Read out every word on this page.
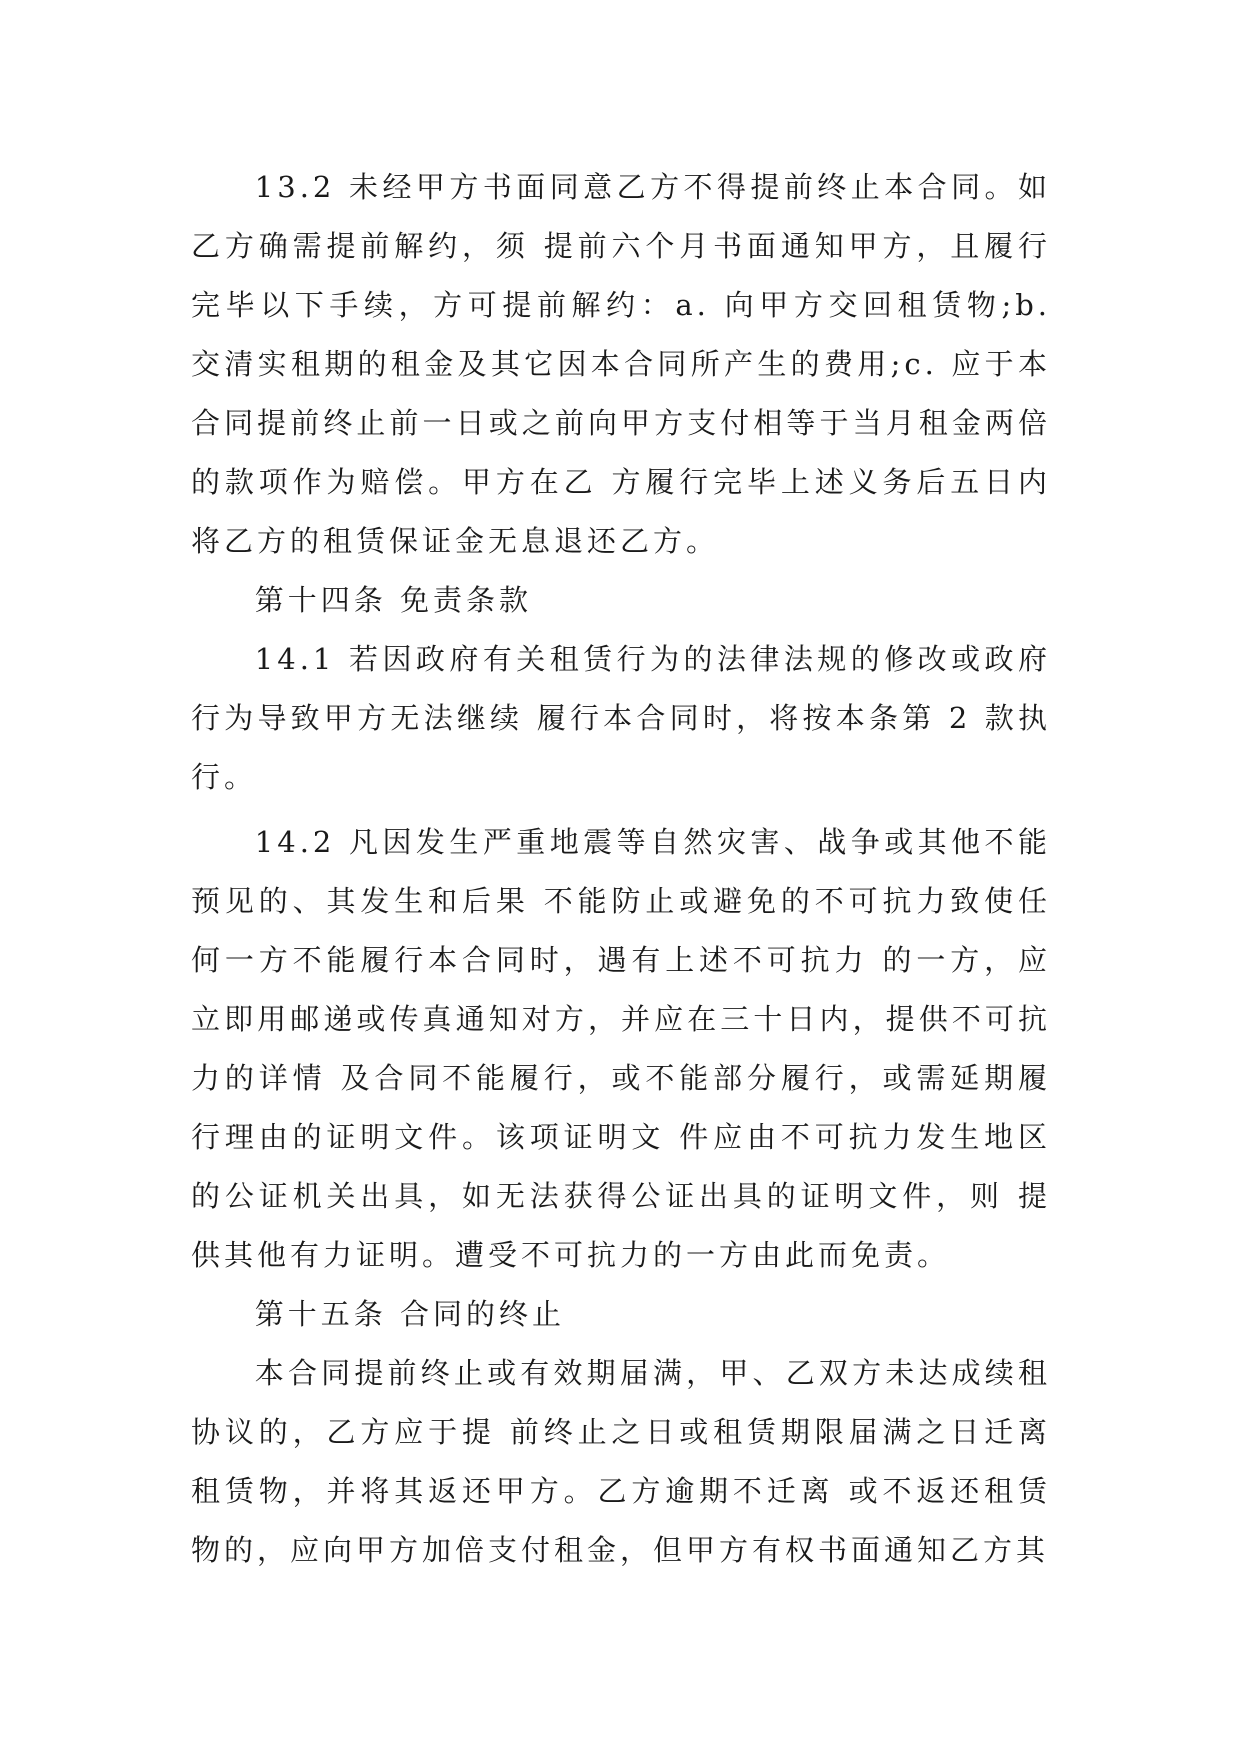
13.2 未经甲方书面同意乙方不得提前终止本合同。如乙方确需提前解约，须 提前六个月书面通知甲方，且履行完毕以下手续，方可提前解约：a. 向甲方交回租赁物;b. 交清实租期的租金及其它因本合同所产生的费用;c. 应于本合同提前终止前一日或之前向甲方支付相等于当月租金两倍的款项作为赔偿。甲方在乙 方履行完毕上述义务后五日内将乙方的租赁保证金无息退还乙方。

第十四条 免责条款

14.1 若因政府有关租赁行为的法律法规的修改或政府行为导致甲方无法继续 履行本合同时，将按本条第 2 款执行。

14.2 凡因发生严重地震等自然灾害、战争或其他不能预见的、其发生和后果 不能防止或避免的不可抗力致使任何一方不能履行本合同时，遇有上述不可抗力 的一方，应立即用邮递或传真通知对方，并应在三十日内，提供不可抗力的详情 及合同不能履行，或不能部分履行，或需延期履行理由的证明文件。该项证明文 件应由不可抗力发生地区的公证机关出具，如无法获得公证出具的证明文件，则 提供其他有力证明。遭受不可抗力的一方由此而免责。

第十五条 合同的终止

本合同提前终止或有效期届满，甲、乙双方未达成续租协议的，乙方应于提 前终止之日或租赁期限届满之日迁离租赁物，并将其返还甲方。乙方逾期不迁离 或不返还租赁物的，应向甲方加倍支付租金，但甲方有权书面通知乙方其
